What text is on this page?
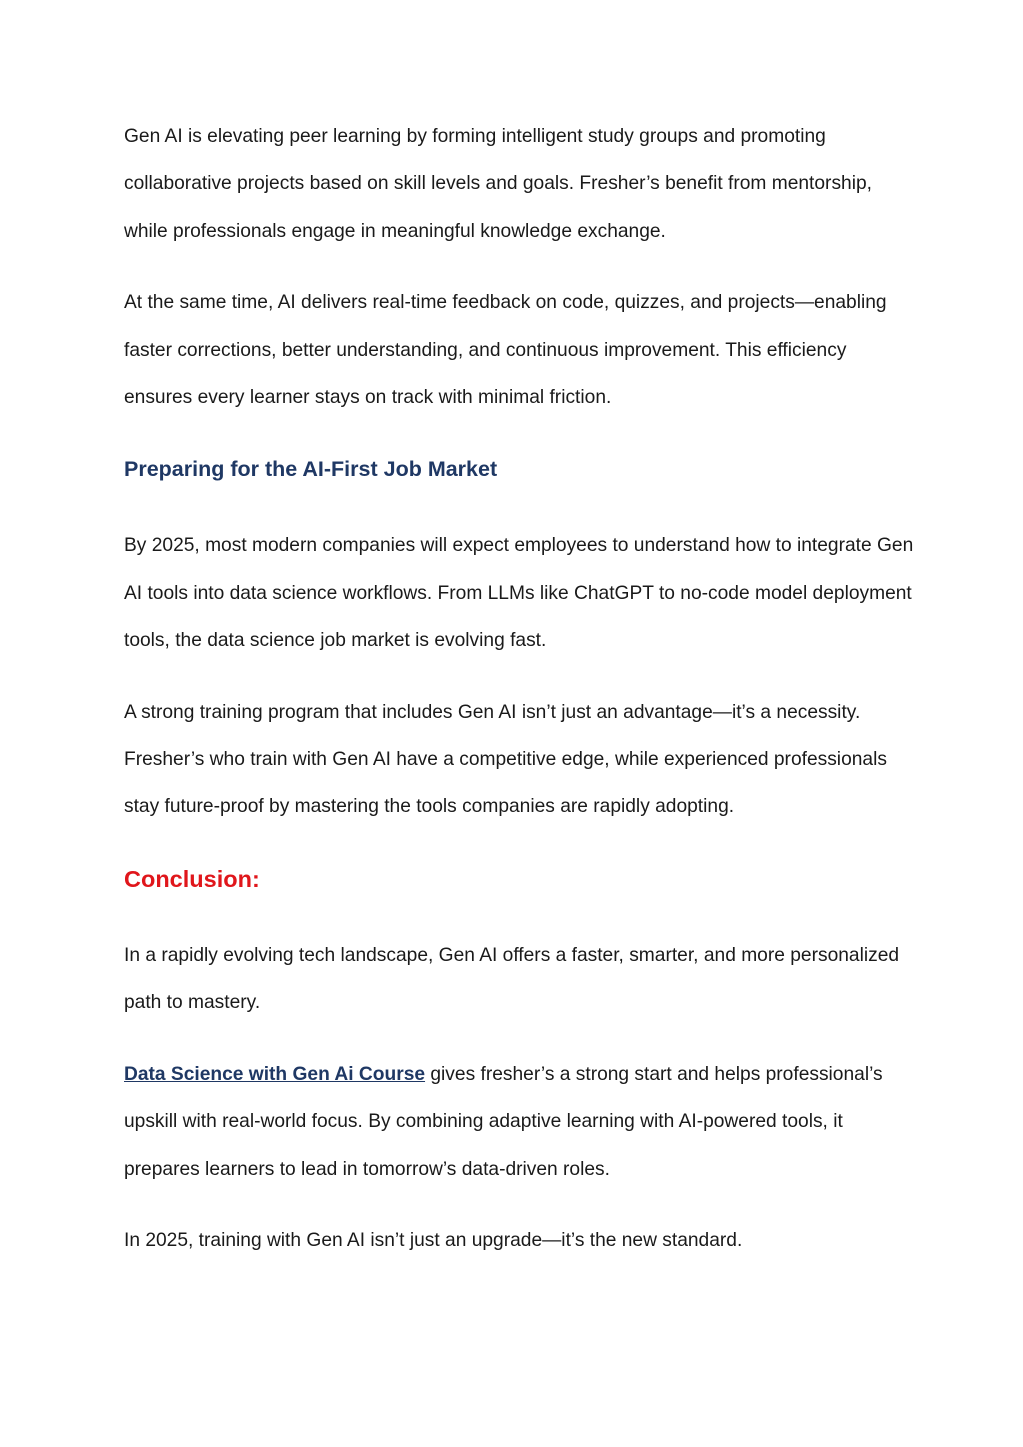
Gen AI is elevating peer learning by forming intelligent study groups and promoting collaborative projects based on skill levels and goals. Fresher’s benefit from mentorship, while professionals engage in meaningful knowledge exchange.

At the same time, AI delivers real-time feedback on code, quizzes, and projects—enabling faster corrections, better understanding, and continuous improvement. This efficiency ensures every learner stays on track with minimal friction.

Preparing for the AI-First Job Market

By 2025, most modern companies will expect employees to understand how to integrate Gen AI tools into data science workflows. From LLMs like ChatGPT to no-code model deployment tools, the data science job market is evolving fast.

A strong training program that includes Gen AI isn’t just an advantage—it’s a necessity. Fresher’s who train with Gen AI have a competitive edge, while experienced professionals stay future-proof by mastering the tools companies are rapidly adopting.

Conclusion:

In a rapidly evolving tech landscape, Gen AI offers a faster, smarter, and more personalized path to mastery.

Data Science with Gen Ai Course gives fresher’s a strong start and helps professional’s upskill with real-world focus. By combining adaptive learning with AI-powered tools, it prepares learners to lead in tomorrow’s data-driven roles.

In 2025, training with Gen AI isn’t just an upgrade—it’s the new standard.
